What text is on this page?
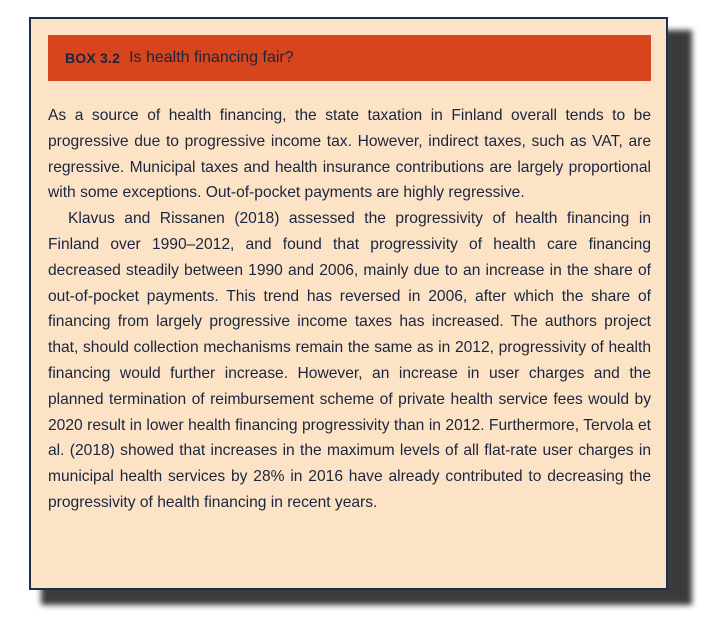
BOX 3.2 Is health financing fair?

As a source of health financing, the state taxation in Finland overall tends to be progressive due to progressive income tax. However, indirect taxes, such as VAT, are regressive. Municipal taxes and health insurance contributions are largely proportional with some exceptions. Out-of-pocket payments are highly regressive.

Klavus and Rissanen (2018) assessed the progressivity of health financing in Finland over 1990–2012, and found that progressivity of health care financing decreased steadily between 1990 and 2006, mainly due to an increase in the share of out-of-pocket payments. This trend has reversed in 2006, after which the share of financing from largely progressive income taxes has increased. The authors project that, should collection mechanisms remain the same as in 2012, progressivity of health financing would further increase. However, an increase in user charges and the planned termination of reimbursement scheme of private health service fees would by 2020 result in lower health financing progressivity than in 2012. Furthermore, Tervola et al. (2018) showed that increases in the maximum levels of all flat-rate user charges in municipal health services by 28% in 2016 have already contributed to decreasing the progressivity of health financing in recent years.
